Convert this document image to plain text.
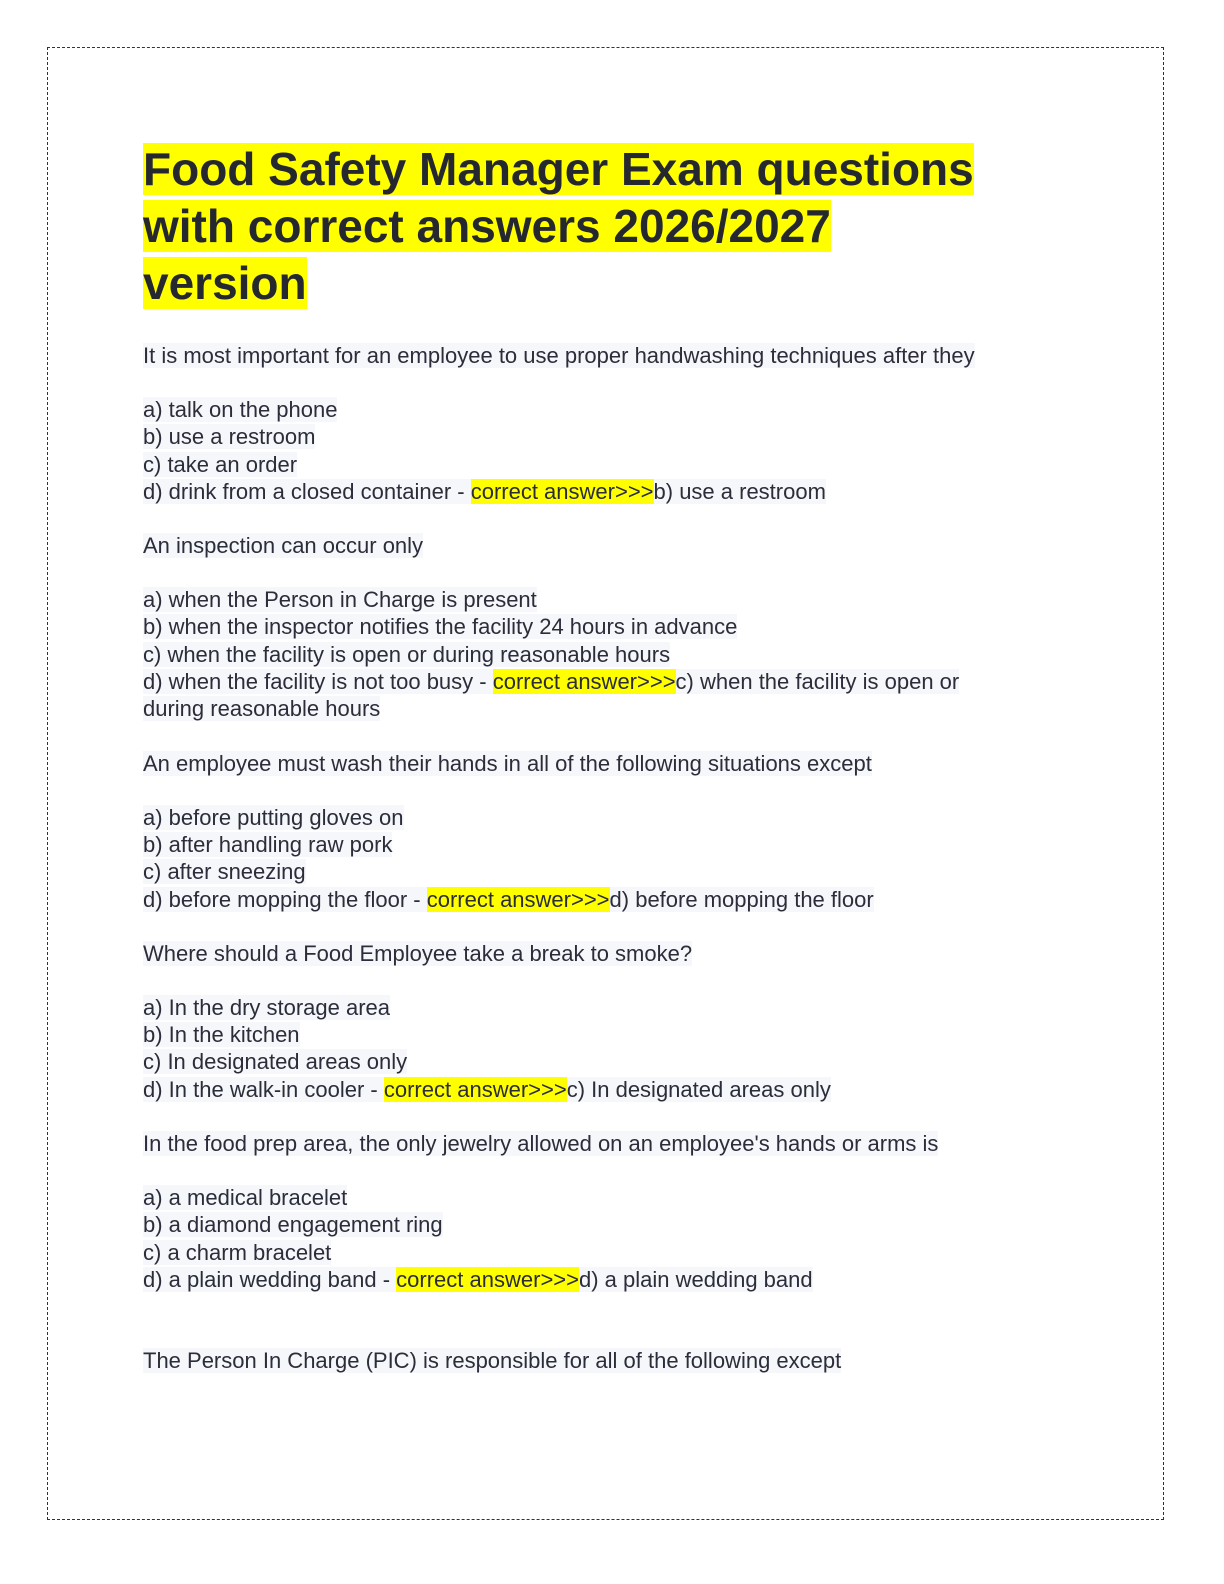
Food Safety Manager Exam questions
with correct answers 2026/2027
version
It is most important for an employee to use proper handwashing techniques after they
a) talk on the phone
b) use a restroom
c) take an order
d) drink from a closed container - correct answer>>>b) use a restroom
An inspection can occur only
a) when the Person in Charge is present
b) when the inspector notifies the facility 24 hours in advance
c) when the facility is open or during reasonable hours
d) when the facility is not too busy - correct answer>>>c) when the facility is open or
during reasonable hours
An employee must wash their hands in all of the following situations except
a) before putting gloves on
b) after handling raw pork
c) after sneezing
d) before mopping the floor - correct answer>>>d) before mopping the floor
Where should a Food Employee take a break to smoke?
a) In the dry storage area
b) In the kitchen
c) In designated areas only
d) In the walk-in cooler - correct answer>>>c) In designated areas only
In the food prep area, the only jewelry allowed on an employee's hands or arms is
a) a medical bracelet
b) a diamond engagement ring
c) a charm bracelet
d) a plain wedding band - correct answer>>>d) a plain wedding band
The Person In Charge (PIC) is responsible for all of the following except
